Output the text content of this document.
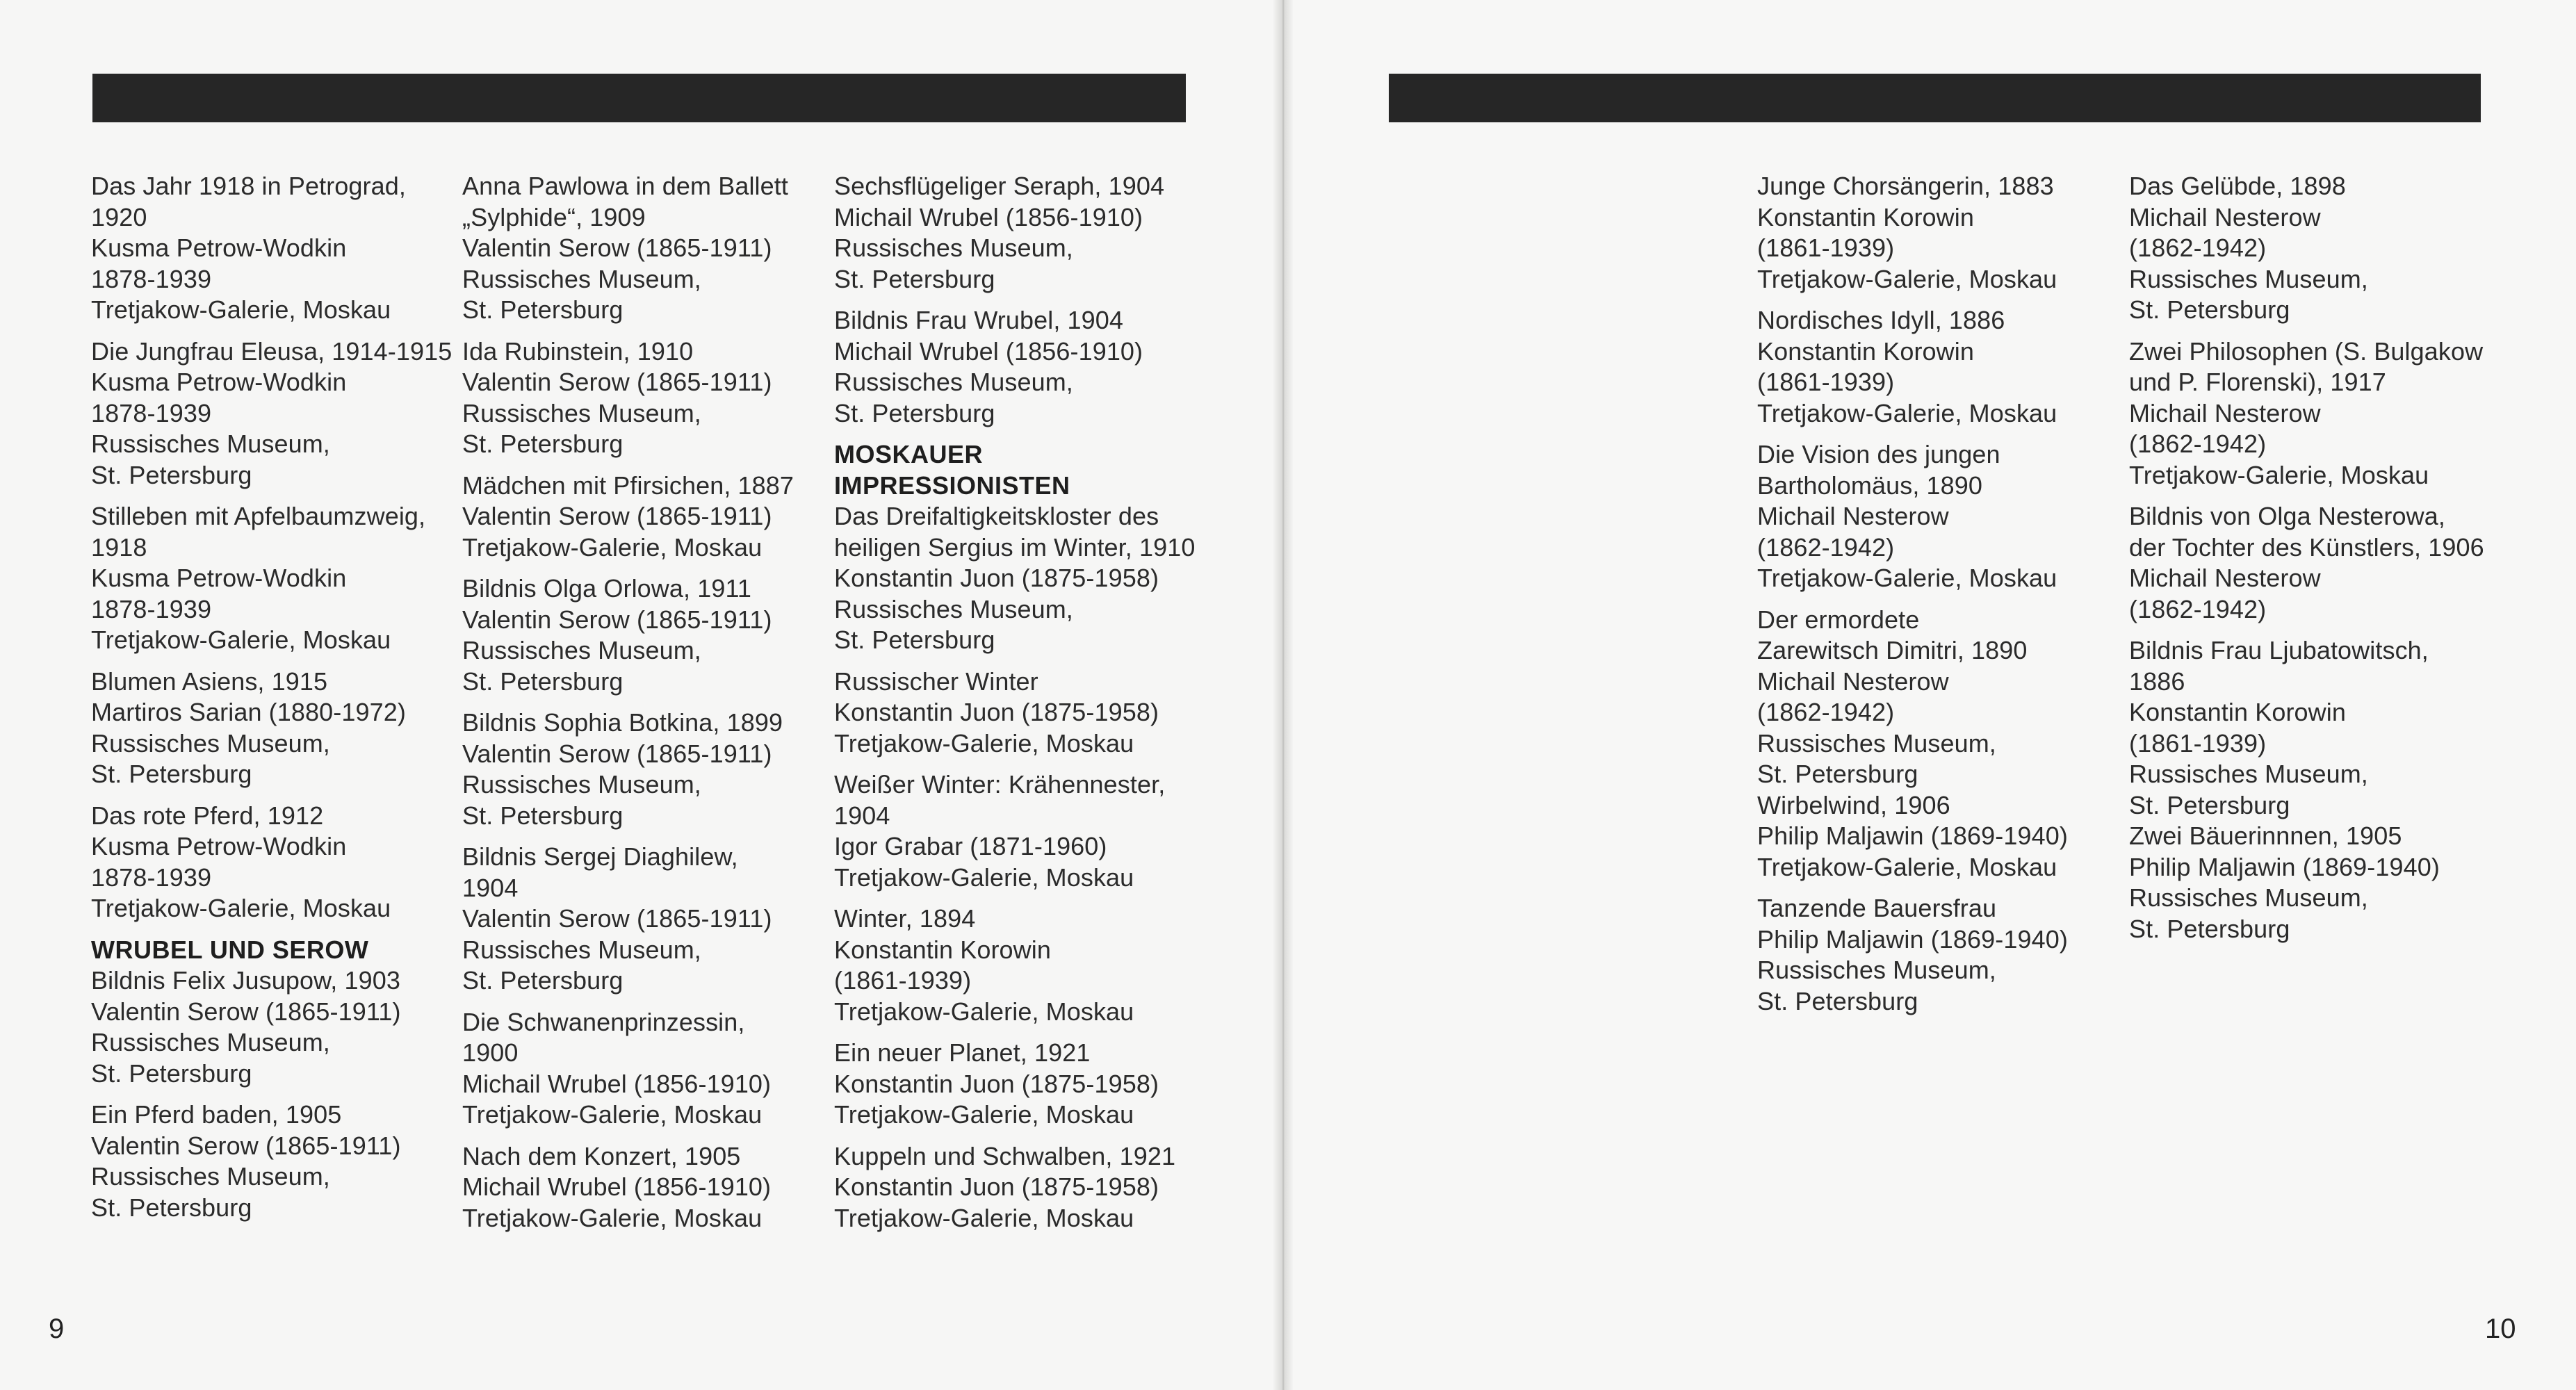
Das Jahr 1918 in Petrograd,
1920
Kusma Petrow-Wodkin
1878-1939
Tretjakow-Galerie, Moskau
Die Jungfrau Eleusa, 1914-1915
Kusma Petrow-Wodkin
1878-1939
Russisches Museum,
St. Petersburg
Stilleben mit Apfelbaumzweig,
1918
Kusma Petrow-Wodkin
1878-1939
Tretjakow-Galerie, Moskau
Blumen Asiens, 1915
Martiros Sarian (1880-1972)
Russisches Museum,
St. Petersburg
Das rote Pferd, 1912
Kusma Petrow-Wodkin
1878-1939
Tretjakow-Galerie, Moskau
WRUBEL UND SEROW
Bildnis Felix Jusupow, 1903
Valentin Serow (1865-1911)
Russisches Museum,
St. Petersburg
Ein Pferd baden, 1905
Valentin Serow (1865-1911)
Russisches Museum,
St. Petersburg
Anna Pawlowa in dem Ballett
„Sylphide“, 1909
Valentin Serow (1865-1911)
Russisches Museum,
St. Petersburg
Ida Rubinstein, 1910
Valentin Serow (1865-1911)
Russisches Museum,
St. Petersburg
Mädchen mit Pfirsichen, 1887
Valentin Serow (1865-1911)
Tretjakow-Galerie, Moskau
Bildnis Olga Orlowa, 1911
Valentin Serow (1865-1911)
Russisches Museum,
St. Petersburg
Bildnis Sophia Botkina, 1899
Valentin Serow (1865-1911)
Russisches Museum,
St. Petersburg
Bildnis Sergej Diaghilew,
1904
Valentin Serow (1865-1911)
Russisches Museum,
St. Petersburg
Die Schwanenprinzessin,
1900
Michail Wrubel (1856-1910)
Tretjakow-Galerie, Moskau
Nach dem Konzert, 1905
Michail Wrubel (1856-1910)
Tretjakow-Galerie, Moskau
Sechsflügeliger Seraph, 1904
Michail Wrubel (1856-1910)
Russisches Museum,
St. Petersburg
Bildnis Frau Wrubel, 1904
Michail Wrubel (1856-1910)
Russisches Museum,
St. Petersburg
MOSKAUER
IMPRESSIONISTEN
Das Dreifaltigkeitskloster des
heiligen Sergius im Winter, 1910
Konstantin Juon (1875-1958)
Russisches Museum,
St. Petersburg
Russischer Winter
Konstantin Juon (1875-1958)
Tretjakow-Galerie, Moskau
Weißer Winter: Krähennester,
1904
Igor Grabar (1871-1960)
Tretjakow-Galerie, Moskau
Winter, 1894
Konstantin Korowin
(1861-1939)
Tretjakow-Galerie, Moskau
Ein neuer Planet, 1921
Konstantin Juon (1875-1958)
Tretjakow-Galerie, Moskau
Kuppeln und Schwalben, 1921
Konstantin Juon (1875-1958)
Tretjakow-Galerie, Moskau
9
Junge Chorsängerin, 1883
Konstantin Korowin
(1861-1939)
Tretjakow-Galerie, Moskau
Nordisches Idyll, 1886
Konstantin Korowin
(1861-1939)
Tretjakow-Galerie, Moskau
Die Vision des jungen
Bartholomäus, 1890
Michail Nesterow
(1862-1942)
Tretjakow-Galerie, Moskau
Der ermordete
Zarewitsch Dimitri, 1890
Michail Nesterow
(1862-1942)
Russisches Museum,
St. Petersburg
Wirbelwind, 1906
Philip Maljawin (1869-1940)
Tretjakow-Galerie, Moskau
Tanzende Bauersfrau
Philip Maljawin (1869-1940)
Russisches Museum,
St. Petersburg
Das Gelübde, 1898
Michail Nesterow
(1862-1942)
Russisches Museum,
St. Petersburg
Zwei Philosophen (S. Bulgakow
und P. Florenski), 1917
Michail Nesterow
(1862-1942)
Tretjakow-Galerie, Moskau
Bildnis von Olga Nesterowa,
der Tochter des Künstlers, 1906
Michail Nesterow
(1862-1942)
Bildnis Frau Ljubatowitsch,
1886
Konstantin Korowin
(1861-1939)
Russisches Museum,
St. Petersburg
Zwei Bäuerinnnen, 1905
Philip Maljawin (1869-1940)
Russisches Museum,
St. Petersburg
10
